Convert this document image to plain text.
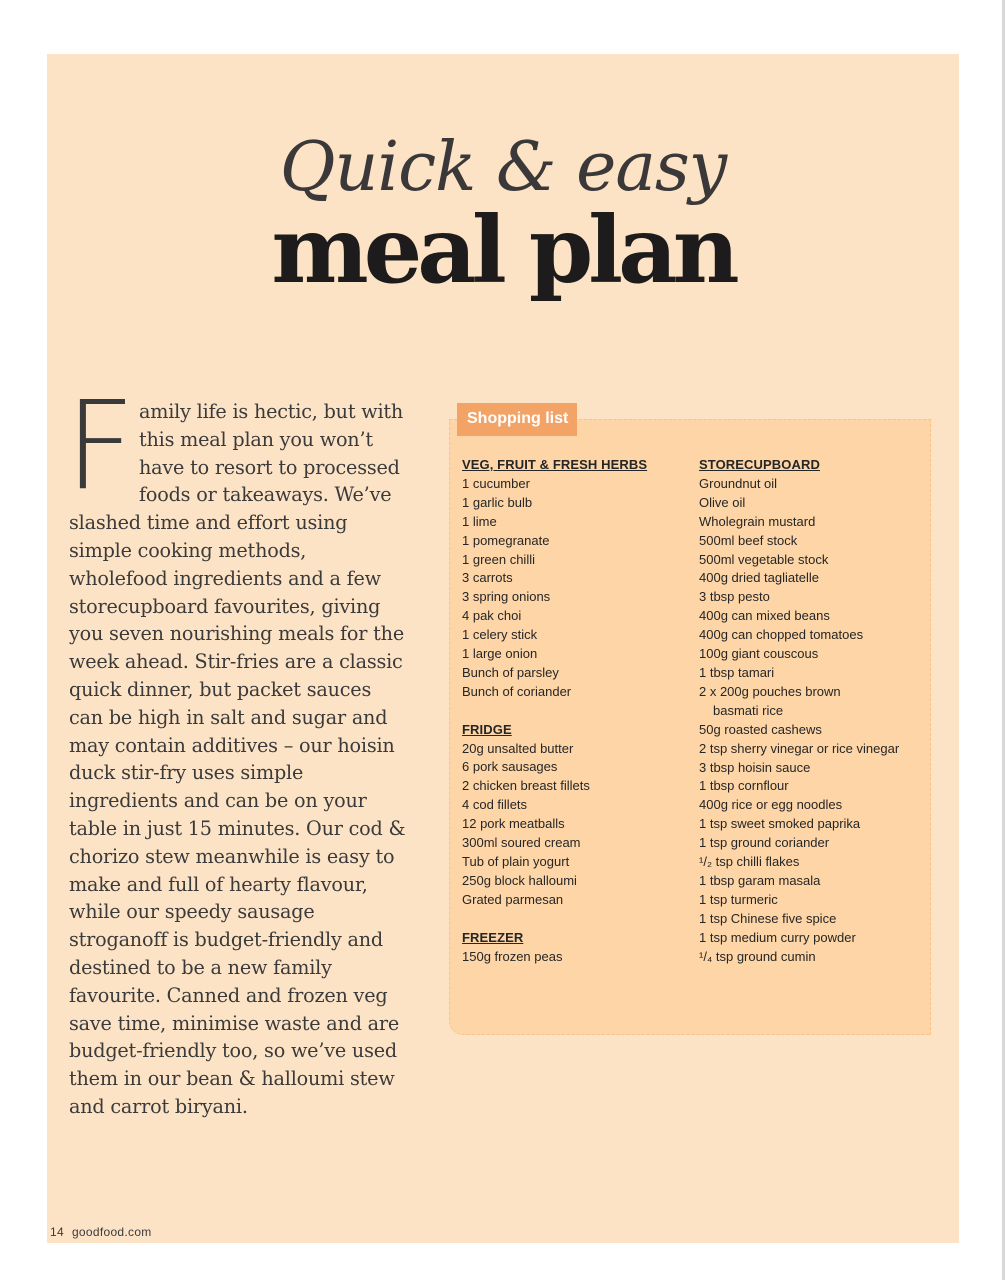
Quick & easy
meal plan
Family life is hectic, but with this meal plan you won’t have to resort to processed foods or takeaways. We’ve slashed time and effort using simple cooking methods, wholefood ingredients and a few storecupboard favourites, giving you seven nourishing meals for the week ahead. Stir-fries are a classic quick dinner, but packet sauces can be high in salt and sugar and may contain additives – our hoisin duck stir-fry uses simple ingredients and can be on your table in just 15 minutes. Our cod & chorizo stew meanwhile is easy to make and full of hearty flavour, while our speedy sausage stroganoff is budget-friendly and destined to be a new family favourite. Canned and frozen veg save time, minimise waste and are budget-friendly too, so we’ve used them in our bean & halloumi stew and carrot biryani.
Shopping list
VEG, FRUIT & FRESH HERBS
1 cucumber
1 garlic bulb
1 lime
1 pomegranate
1 green chilli
3 carrots
3 spring onions
4 pak choi
1 celery stick
1 large onion
Bunch of parsley
Bunch of coriander
FRIDGE
20g unsalted butter
6 pork sausages
2 chicken breast fillets
4 cod fillets
12 pork meatballs
300ml soured cream
Tub of plain yogurt
250g block halloumi
Grated parmesan
FREEZER
150g frozen peas
STORECUPBOARD
Groundnut oil
Olive oil
Wholegrain mustard
500ml beef stock
500ml vegetable stock
400g dried tagliatelle
3 tbsp pesto
400g can mixed beans
400g can chopped tomatoes
100g giant couscous
1 tbsp tamari
2 x 200g pouches brown
basmati rice
50g roasted cashews
2 tsp sherry vinegar or rice vinegar
3 tbsp hoisin sauce
1 tbsp cornflour
400g rice or egg noodles
1 tsp sweet smoked paprika
1 tsp ground coriander
¹/₂ tsp chilli flakes
1 tbsp garam masala
1 tsp turmeric
1 tsp Chinese five spice
1 tsp medium curry powder
¹/₄ tsp ground cumin
14 goodfood.com
